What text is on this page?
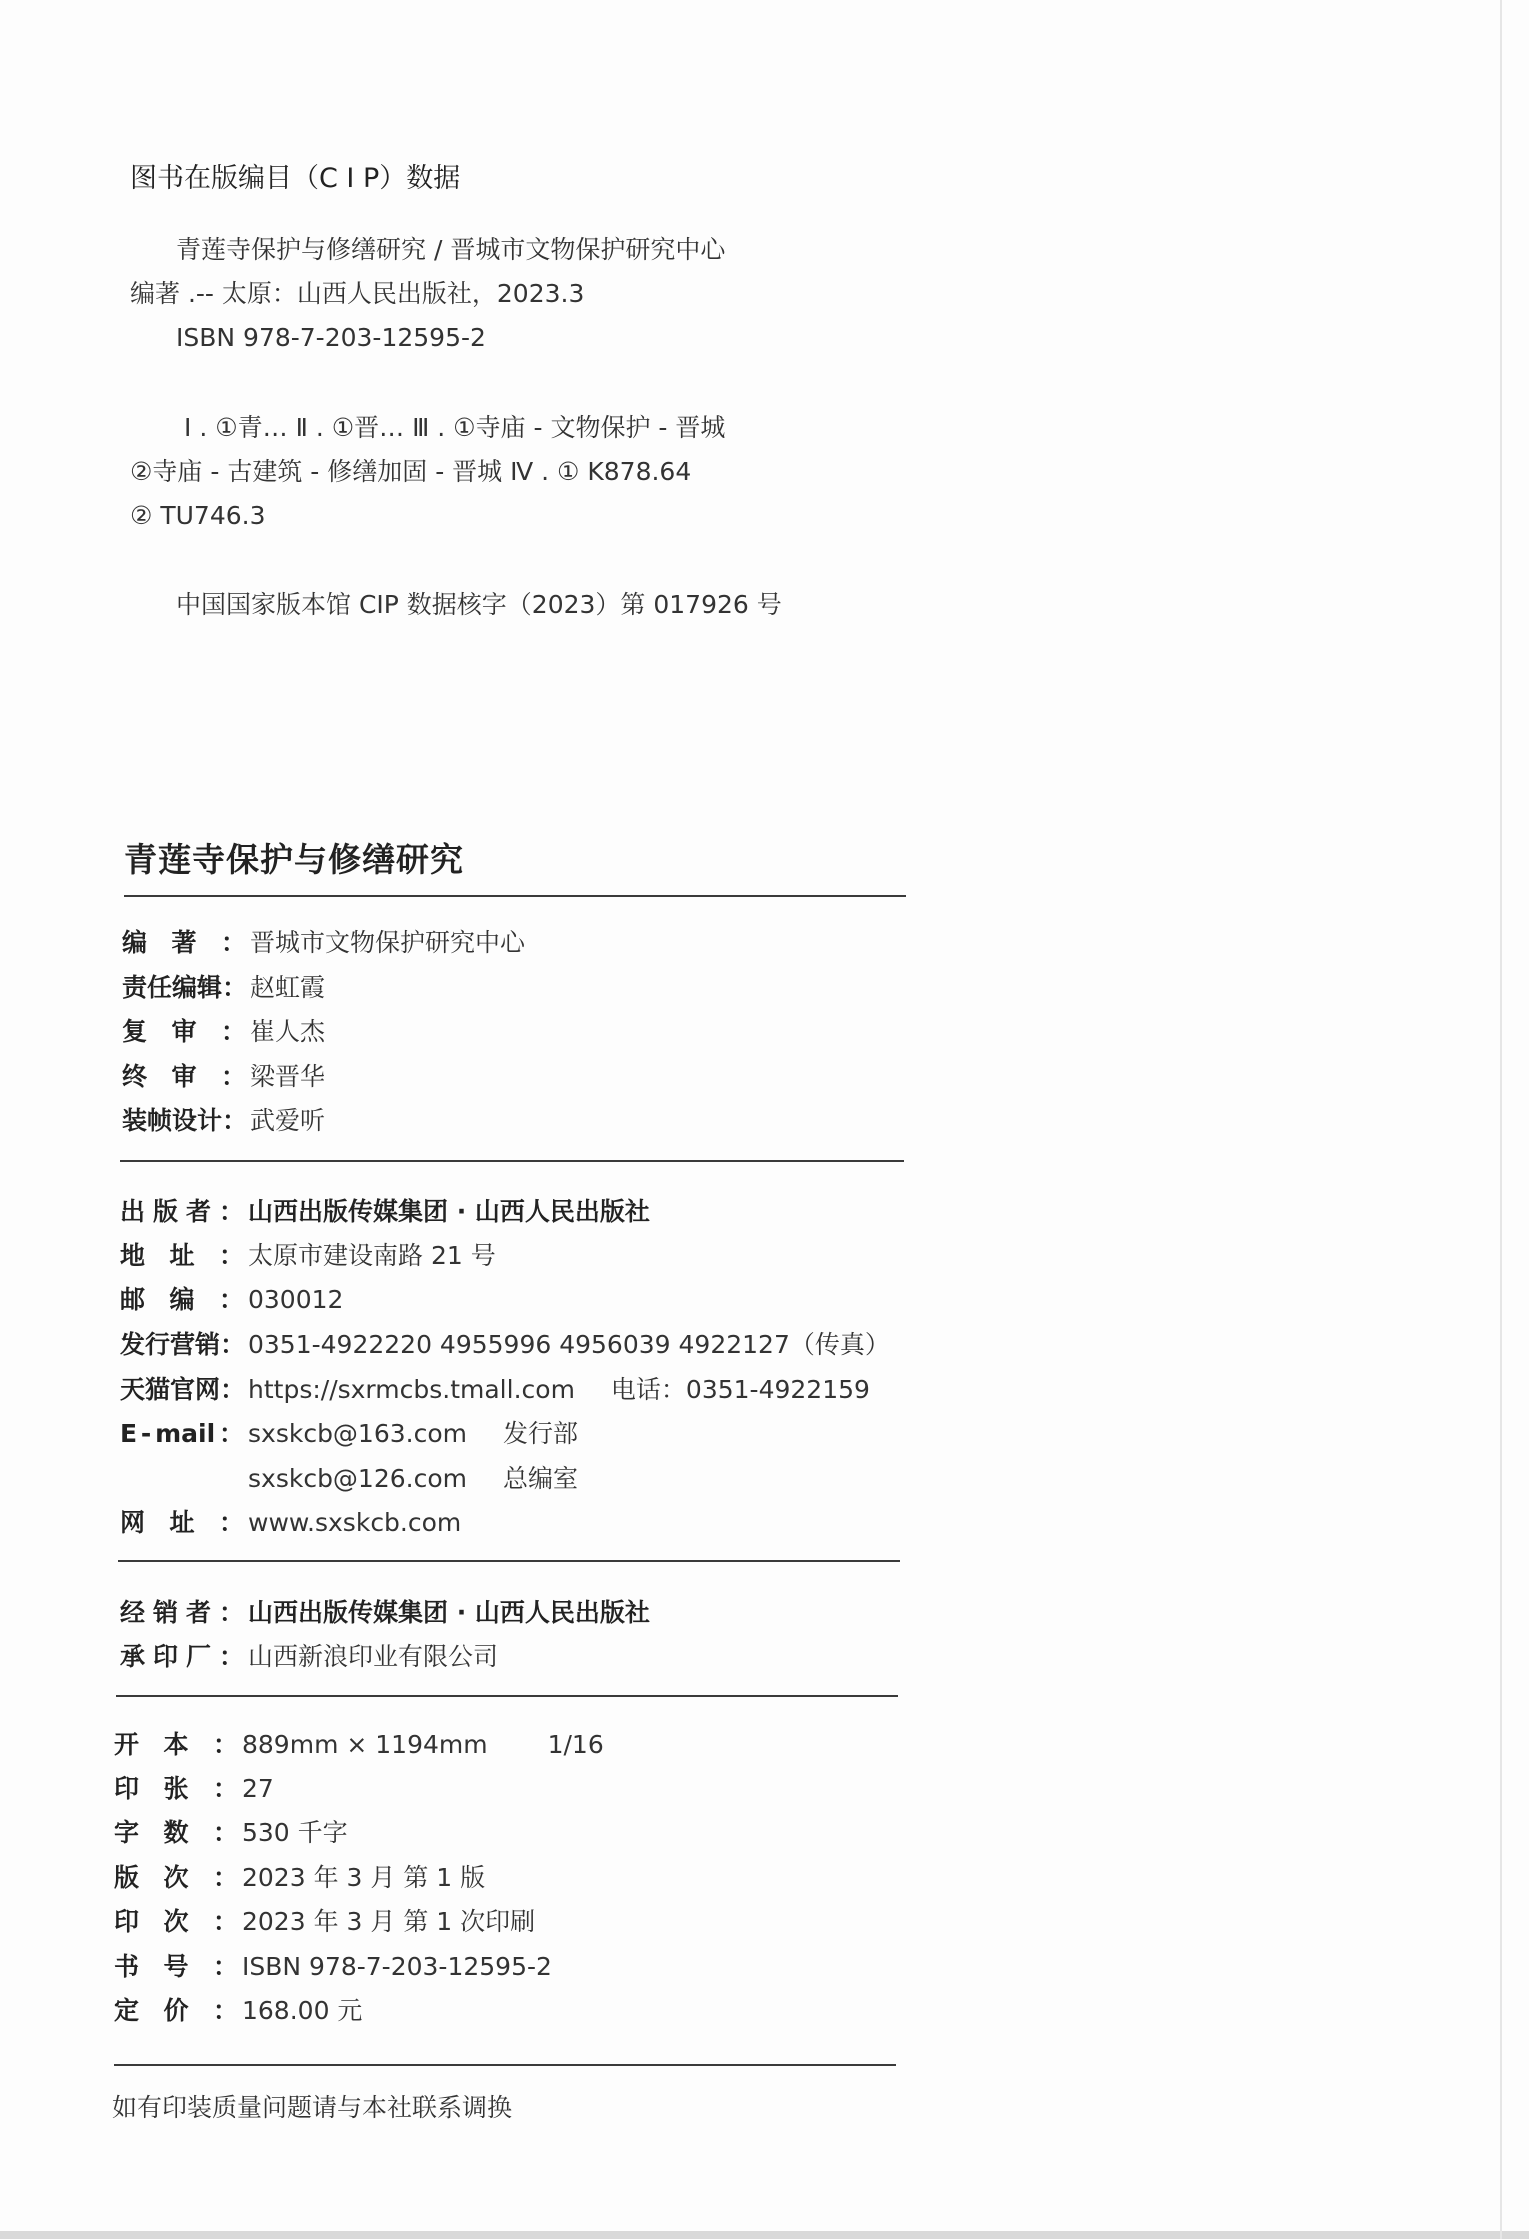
图书在版编目（C I P）数据
青莲寺保护与修缮研究 / 晋城市文物保护研究中心
编著 .-- 太原：山西人民出版社，2023.3
ISBN 978-7-203-12595-2
Ⅰ . ①青… Ⅱ . ①晋… Ⅲ . ①寺庙 - 文物保护 - 晋城
②寺庙 - 古建筑 - 修缮加固 - 晋城 Ⅳ . ① K878.64
② TU746.3
中国国家版本馆 CIP 数据核字（2023）第 017926 号
青莲寺保护与修缮研究
编 著 ： 晋城市文物保护研究中心
责 任 编 辑 ： 赵虹霞
复 审 ： 崔人杰
终 审 ： 梁晋华
装 帧 设 计 ： 武爱听
出 版 者 ： 山西出版传媒集团 · 山西人民出版社
地 址 ： 太原市建设南路 21 号
邮 编 ： 030012
发 行 营 销 ： 0351-4922220 4955996 4956039 4922127（传真）
天 猫 官 网 ： https://sxrmcbs.tmall.com 电话：0351-4922159
E - mail ： sxskcb@163.com 发行部
sxskcb@126.com 总编室
网 址 ： www.sxskcb.com
经 销 者 ： 山西出版传媒集团 · 山西人民出版社
承 印 厂 ： 山西新浪印业有限公司
开 本 ： 889mm × 1194mm 1/16
印 张 ： 27
字 数 ： 530 千字
版 次 ： 2023 年 3 月 第 1 版
印 次 ： 2023 年 3 月 第 1 次印刷
书 号 ： ISBN 978-7-203-12595-2
定 价 ： 168.00 元
如有印装质量问题请与本社联系调换
